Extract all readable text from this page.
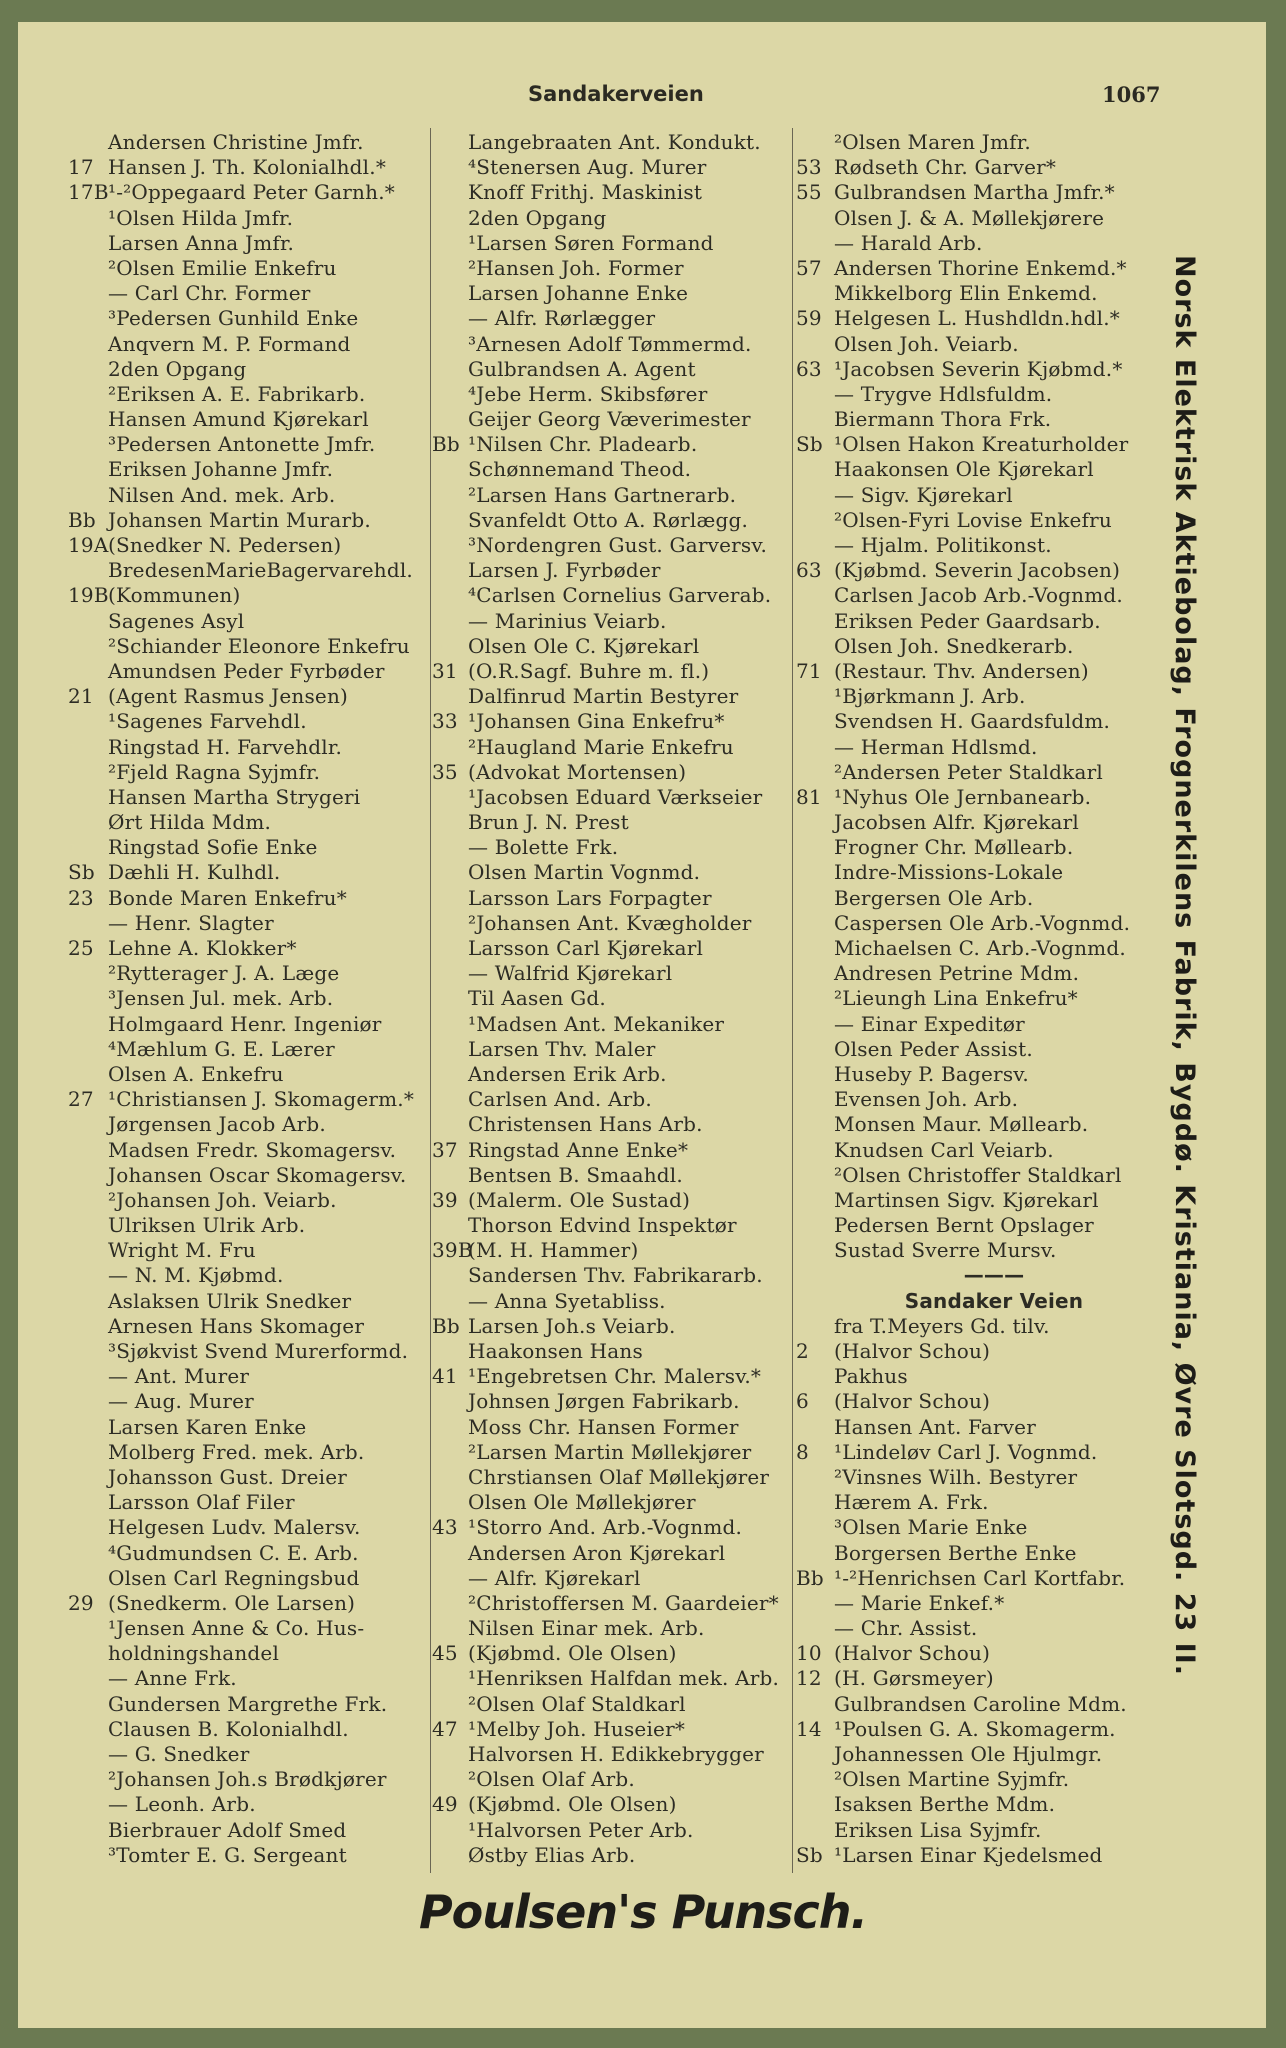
Sandakerveien	1067
Andersen Christine Jmfr.
17 Hansen J. Th. Kolonialhdl.*
17B ¹-²Oppegaard Peter Garnh.*
¹Olsen Hilda Jmfr.
Larsen Anna Jmfr.
²Olsen Emilie Enkefru
— Carl Chr. Former
³Pedersen Gunhild Enke
Anqvern M. P. Formand
2den Opgang
²Eriksen A. E. Fabrikarb.
Hansen Amund Kjørekarl
³Pedersen Antonette Jmfr.
Eriksen Johanne Jmfr.
Nilsen And. mek. Arb.
Bb Johansen Martin Murarb.
19A (Snedker N. Pedersen)
BredesenMarieBagervarehdl.
19B (Kommunen)
Sagenes Asyl
²Schiander Eleonore Enkefru
Amundsen Peder Fyrbøder
21 (Agent Rasmus Jensen)
¹Sagenes Farvehdl.
Ringstad H. Farvehdlr.
²Fjeld Ragna Syjmfr.
Hansen Martha Strygeri
Ørt Hilda Mdm.
Ringstad Sofie Enke
Sb Dæhli H. Kulhdl.
23 Bonde Maren Enkefru*
— Henr. Slagter
25 Lehne A. Klokker*
²Rytterager J. A. Læge
³Jensen Jul. mek. Arb.
Holmgaard Henr. Ingeniør
⁴Mæhlum G. E. Lærer
Olsen A. Enkefru
27 ¹Christiansen J. Skomagerm.*
Jørgensen Jacob Arb.
Madsen Fredr. Skomagersv.
Johansen Oscar Skomagersv.
²Johansen Joh. Veiarb.
Ulriksen Ulrik Arb.
Wright M. Fru
— N. M. Kjøbmd.
Aslaksen Ulrik Snedker
Arnesen Hans Skomager
³Sjøkvist Svend Murerformd.
— Ant. Murer
— Aug. Murer
Larsen Karen Enke
Molberg Fred. mek. Arb.
Johansson Gust. Dreier
Larsson Olaf Filer
Helgesen Ludv. Malersv.
⁴Gudmundsen C. E. Arb.
Olsen Carl Regningsbud
29 (Snedkerm. Ole Larsen)
¹Jensen Anne & Co. Hus-
holdningshandel
— Anne Frk.
Gundersen Margrethe Frk.
Clausen B. Kolonialhdl.
— G. Snedker
²Johansen Joh.s Brødkjører
— Leonh. Arb.
Bierbrauer Adolf Smed
³Tomter E. G. Sergeant
Langebraaten Ant. Kondukt.
⁴Stenersen Aug. Murer
Knoff Frithj. Maskinist
2den Opgang
¹Larsen Søren Formand
²Hansen Joh. Former
Larsen Johanne Enke
— Alfr. Rørlægger
³Arnesen Adolf Tømmermd.
Gulbrandsen A. Agent
⁴Jebe Herm. Skibsfører
Geijer Georg Væverimester
Bb ¹Nilsen Chr. Pladearb.
Schønnemand Theod.
²Larsen Hans Gartnerarb.
Svanfeldt Otto A. Rørlægg.
³Nordengren Gust. Garversv.
Larsen J. Fyrbøder
⁴Carlsen Cornelius Garverab.
— Marinius Veiarb.
Olsen Ole C. Kjørekarl
31 (O.R.Sagf. Buhre m. fl.)
Dalfinrud Martin Bestyrer
33 ¹Johansen Gina Enkefru*
²Haugland Marie Enkefru
35 (Advokat Mortensen)
¹Jacobsen Eduard Værkseier
Brun J. N. Prest
— Bolette Frk.
Olsen Martin Vognmd.
Larsson Lars Forpagter
²Johansen Ant. Kvægholder
Larsson Carl Kjørekarl
— Walfrid Kjørekarl
Til Aasen Gd.
¹Madsen Ant. Mekaniker
Larsen Thv. Maler
Andersen Erik Arb.
Carlsen And. Arb.
Christensen Hans Arb.
37 Ringstad Anne Enke*
Bentsen B. Smaahdl.
39 (Malerm. Ole Sustad)
Thorson Edvind Inspektør
39B
(M. H. Hammer)
Sandersen Thv. Fabrikararb.
— Anna Syetabliss.
Bb Larsen Joh.s Veiarb.
Haakonsen Hans
41 ¹Engebretsen Chr. Malersv.*
Johnsen Jørgen Fabrikarb.
Moss Chr. Hansen Former
²Larsen Martin Møllekjører
Chrstiansen Olaf Møllekjører
Olsen Ole Møllekjører
43 ¹Storro And. Arb.-Vognmd.
Andersen Aron Kjørekarl
— Alfr. Kjørekarl
²Christoffersen M. Gaardeier*
Nilsen Einar mek. Arb.
45 (Kjøbmd. Ole Olsen)
¹Henriksen Halfdan mek. Arb.
²Olsen Olaf Staldkarl
47 ¹Melby Joh. Huseier*
Halvorsen H. Edikkebrygger
²Olsen Olaf Arb.
49 (Kjøbmd. Ole Olsen)
¹Halvorsen Peter Arb.
Østby Elias Arb.
²Olsen Maren Jmfr.
53 Rødseth Chr. Garver*
55 Gulbrandsen Martha Jmfr.*
Olsen J. & A. Møllekjørere
— Harald Arb.
57 Andersen Thorine Enkemd.*
Mikkelborg Elin Enkemd.
59 Helgesen L. Hushdldn.hdl.*
Olsen Joh. Veiarb.
63 ¹Jacobsen Severin Kjøbmd.*
— Trygve Hdlsfuldm.
Biermann Thora Frk.
Sb ¹Olsen Hakon Kreaturholder
Haakonsen Ole Kjørekarl
— Sigv. Kjørekarl
²Olsen-Fyri Lovise Enkefru
— Hjalm. Politikonst.
63 (Kjøbmd. Severin Jacobsen)
Carlsen Jacob Arb.-Vognmd.
Eriksen Peder Gaardsarb.
Olsen Joh. Snedkerarb.
71 (Restaur. Thv. Andersen)
¹Bjørkmann J. Arb.
Svendsen H. Gaardsfuldm.
— Herman Hdlsmd.
²Andersen Peter Staldkarl
81 ¹Nyhus Ole Jernbanearb.
Jacobsen Alfr. Kjørekarl
Frogner Chr. Møllearb.
Indre-Missions-Lokale
Bergersen Ole Arb.
Caspersen Ole Arb.-Vognmd.
Michaelsen C. Arb.-Vognmd.
Andresen Petrine Mdm.
²Lieungh Lina Enkefru*
— Einar Expeditør
Olsen Peder Assist.
Huseby P. Bagersv.
Evensen Joh. Arb.
Monsen Maur. Møllearb.
Knudsen Carl Veiarb.
²Olsen Christoffer Staldkarl
Martinsen Sigv. Kjørekarl
Pedersen Bernt Opslager
Sustad Sverre Mursv.
———
Sandaker Veien
fra T.Meyers Gd. tilv.
2 (Halvor Schou)
Pakhus
6 (Halvor Schou)
Hansen Ant. Farver
8 ¹Lindeløv Carl J. Vognmd.
²Vinsnes Wilh. Bestyrer
Hærem A. Frk.
³Olsen Marie Enke
Borgersen Berthe Enke
Bb ¹-²Henrichsen Carl Kortfabr.
— Marie Enkef.*
— Chr. Assist.
10 (Halvor Schou)
12 (H. Gørsmeyer)
Gulbrandsen Caroline Mdm.
14 ¹Poulsen G. A. Skomagerm.
Johannessen Ole Hjulmgr.
²Olsen Martine Syjmfr.
Isaksen Berthe Mdm.
Eriksen Lisa Syjmfr.
Sb ¹Larsen Einar Kjedelsmed
Norsk Elektrisk Aktiebolag, Frognerkilens Fabrik, Bygdø. Kristiania, Øvre Slotsgd. 23 II.
Poulsen's Punsch.
